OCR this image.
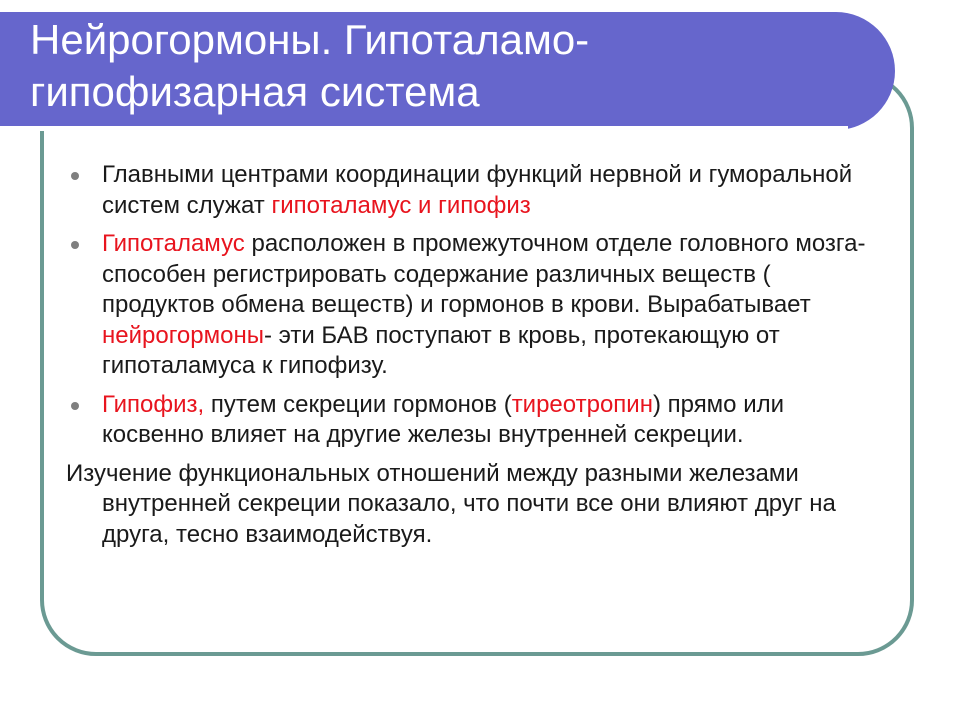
Нейрогормоны. Гипоталамо-
гипофизарная система
Главными центрами координации функций нервной и гуморальной систем служат гипоталамус и гипофиз
Гипоталамус расположен в промежуточном отделе головного мозга- способен регистрировать содержание различных веществ ( продуктов обмена веществ) и гормонов в крови. Вырабатывает нейрогормоны- эти БАВ поступают в кровь, протекающую от гипоталамуса к гипофизу.
Гипофиз, путем секреции гормонов (тиреотропин) прямо или косвенно влияет на другие железы внутренней секреции.
Изучение функциональных отношений между разными железами внутренней секреции показало, что почти все они влияют друг на друга, тесно взаимодействуя.
